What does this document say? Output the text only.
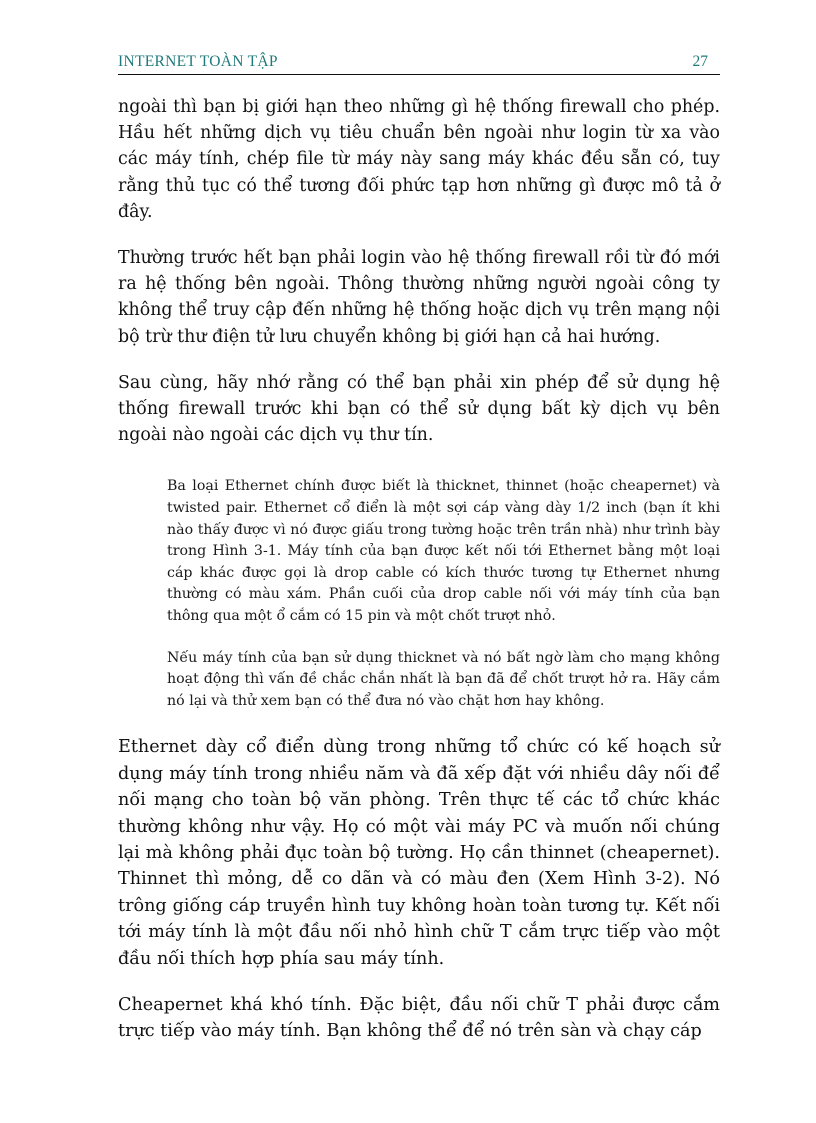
INTERNET TOÀN TẬP	27

ngoài thì bạn bị giới hạn theo những gì hệ thống firewall cho phép. Hầu hết những dịch vụ tiêu chuẩn bên ngoài như login từ xa vào các máy tính, chép file từ máy này sang máy khác đều sẵn có, tuy rằng thủ tục có thể tương đối phức tạp hơn những gì được mô tả ở đây.

Thường trước hết bạn phải login vào hệ thống firewall rồi từ đó mới ra hệ thống bên ngoài. Thông thường những người ngoài công ty không thể truy cập đến những hệ thống hoặc dịch vụ trên mạng nội bộ trừ thư điện tử lưu chuyển không bị giới hạn cả hai hướng.

Sau cùng, hãy nhớ rằng có thể bạn phải xin phép để sử dụng hệ thống firewall trước khi bạn có thể sử dụng bất kỳ dịch vụ bên ngoài nào ngoài các dịch vụ thư tín.

Ba loại Ethernet chính được biết là thicknet, thinnet (hoặc cheapernet) và twisted pair. Ethernet cổ điển là một sợi cáp vàng dày 1/2 inch (bạn ít khi nào thấy được vì nó được giấu trong tường hoặc trên trần nhà) như trình bày trong Hình 3-1. Máy tính của bạn được kết nối tới Ethernet bằng một loại cáp khác được gọi là drop cable có kích thước tương tự Ethernet nhưng thường có màu xám. Phần cuối của drop cable nối với máy tính của bạn thông qua một ổ cắm có 15 pin và một chốt trượt nhỏ.

Nếu máy tính của bạn sử dụng thicknet và nó bất ngờ làm cho mạng không hoạt động thì vấn đề chắc chắn nhất là bạn đã để chốt trượt hở ra. Hãy cắm nó lại và thử xem bạn có thể đưa nó vào chặt hơn hay không.

Ethernet dày cổ điển dùng trong những tổ chức có kế hoạch sử dụng máy tính trong nhiều năm và đã xếp đặt với nhiều dây nối để nối mạng cho toàn bộ văn phòng. Trên thực tế các tổ chức khác thường không như vậy. Họ có một vài máy PC và muốn nối chúng lại mà không phải đục toàn bộ tường. Họ cần thinnet (cheapernet). Thinnet thì mỏng, dễ co dãn và có màu đen (Xem Hình 3-2). Nó trông giống cáp truyền hình tuy không hoàn toàn tương tự. Kết nối tới máy tính là một đầu nối nhỏ hình chữ T cắm trực tiếp vào một đầu nối thích hợp phía sau máy tính.

Cheapernet khá khó tính. Đặc biệt, đầu nối chữ T phải được cắm trực tiếp vào máy tính. Bạn không thể để nó trên sàn và chạy cáp
